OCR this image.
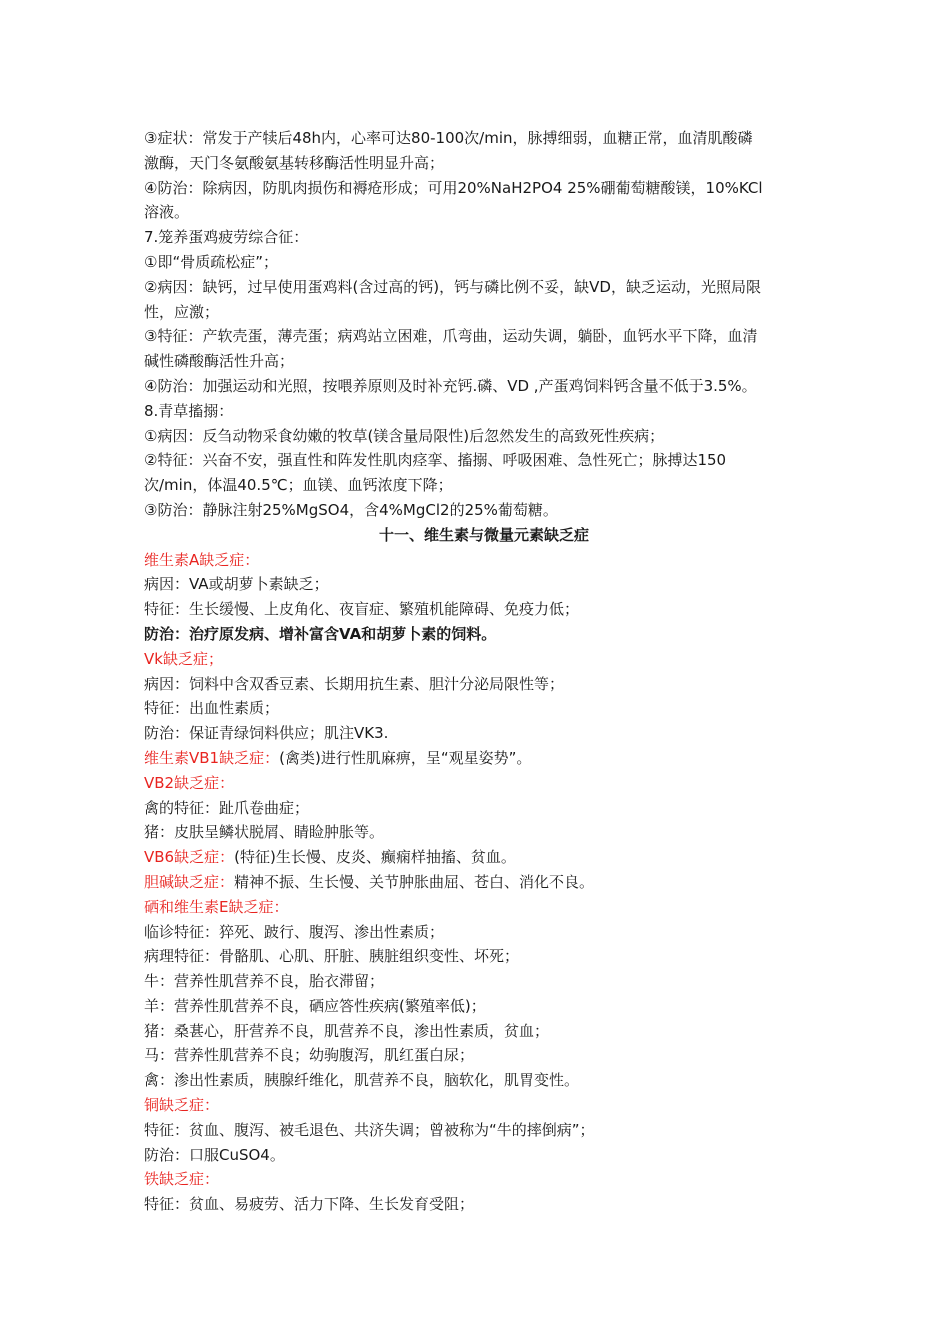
③症状：常发于产犊后48h内，心率可达80-100次/min，脉搏细弱，血糖正常，血清肌酸磷
激酶，天门冬氨酸氨基转移酶活性明显升高；
④防治：除病因，防肌肉损伤和褥疮形成；可用20%NaH2PO4 25%硼葡萄糖酸镁，10%KCl
溶液。
7.笼养蛋鸡疲劳综合征：
①即“骨质疏松症”；
②病因：缺钙，过早使用蛋鸡料(含过高的钙)，钙与磷比例不妥，缺VD，缺乏运动，光照局限
性，应激；
③特征：产软壳蛋，薄壳蛋；病鸡站立困难，爪弯曲，运动失调，躺卧，血钙水平下降，血清
碱性磷酸酶活性升高；
④防治：加强运动和光照，按喂养原则及时补充钙.磷、VD ,产蛋鸡饲料钙含量不低于3.5%。
8.青草搐搦：
①病因：反刍动物采食幼嫩的牧草(镁含量局限性)后忽然发生的高致死性疾病；
②特征：兴奋不安，强直性和阵发性肌肉痉挛、搐搦、呼吸困难、急性死亡；脉搏达150
次/min，体温40.5℃；血镁、血钙浓度下降；
③防治：静脉注射25%MgSO4，含4%MgCl2的25%葡萄糖。
十一、维生素与微量元素缺乏症
维生素A缺乏症：
病因：VA或胡萝卜素缺乏；
特征：生长缓慢、上皮角化、夜盲症、繁殖机能障碍、免疫力低；
防治：治疗原发病、增补富含VA和胡萝卜素的饲料。
Vk缺乏症；
病因：饲料中含双香豆素、长期用抗生素、胆汁分泌局限性等；
特征：出血性素质；
防治：保证青绿饲料供应；肌注VK3.
维生素VB1缺乏症：(禽类)进行性肌麻痹，呈“观星姿势”。
VB2缺乏症：
禽的特征：趾爪卷曲症；
猪：皮肤呈鳞状脱屑、睛睑肿胀等。
VB6缺乏症：(特征)生长慢、皮炎、癫痫样抽搐、贫血。
胆碱缺乏症：精神不振、生长慢、关节肿胀曲屈、苍白、消化不良。
硒和维生素E缺乏症：
临诊特征：猝死、跛行、腹泻、渗出性素质；
病理特征：骨骼肌、心肌、肝脏、胰脏组织变性、坏死；
牛：营养性肌营养不良，胎衣滞留；
羊：营养性肌营养不良，硒应答性疾病(繁殖率低)；
猪：桑葚心，肝营养不良，肌营养不良，渗出性素质，贫血；
马：营养性肌营养不良；幼驹腹泻，肌红蛋白尿；
禽：渗出性素质，胰腺纤维化，肌营养不良，脑软化，肌胃变性。
铜缺乏症：
特征：贫血、腹泻、被毛退色、共济失调；曾被称为“牛的摔倒病”；
防治：口服CuSO4。
铁缺乏症：
特征：贫血、易疲劳、活力下降、生长发育受阻；
